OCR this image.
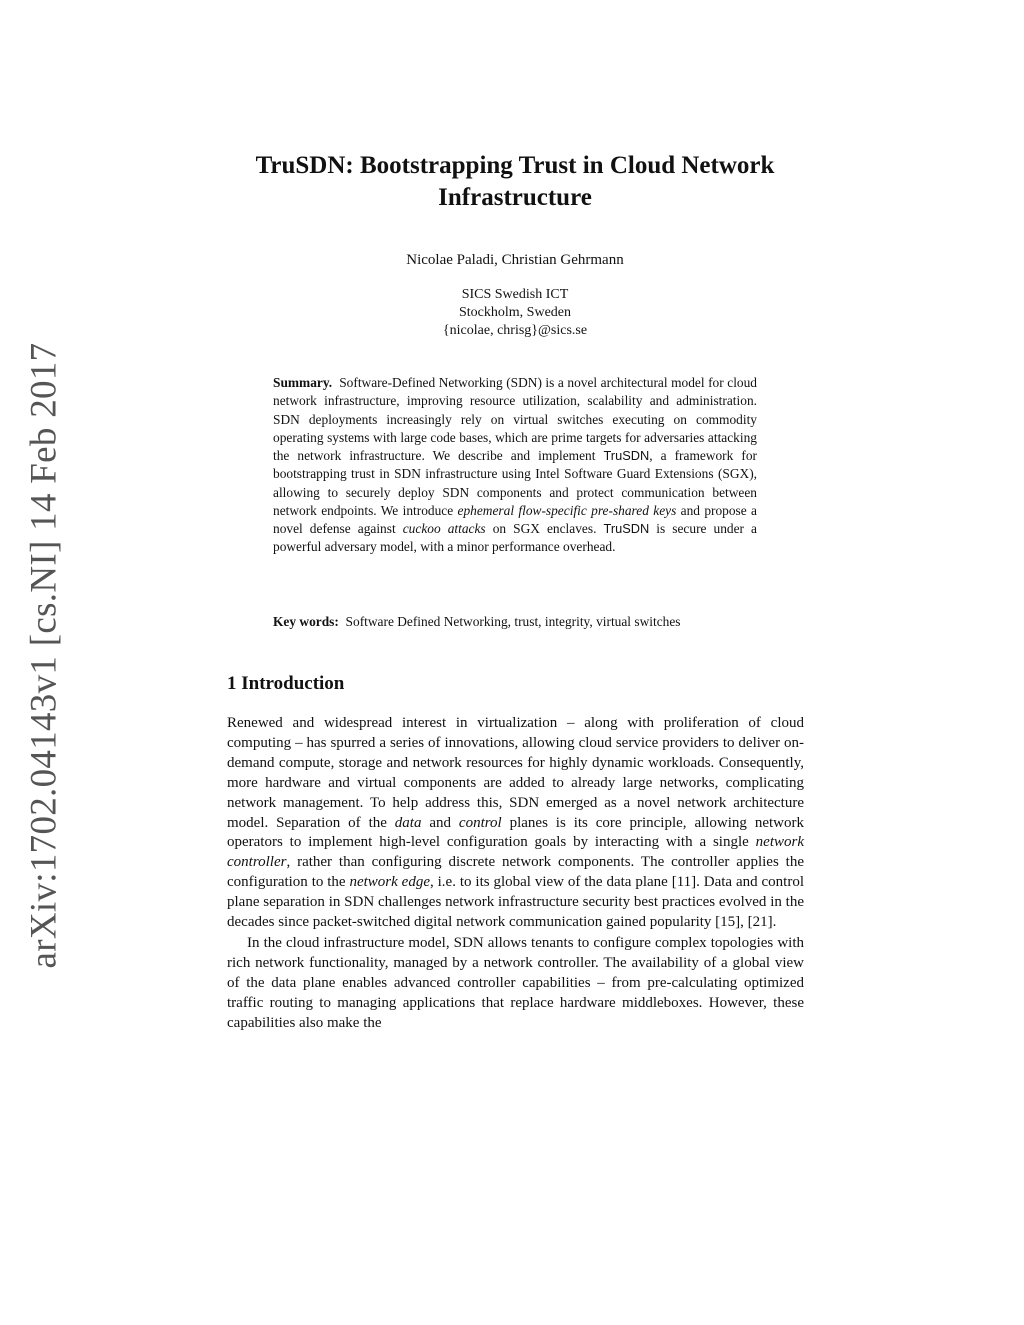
arXiv:1702.04143v1 [cs.NI] 14 Feb 2017
TruSDN: Bootstrapping Trust in Cloud Network
Infrastructure

Nicolae Paladi, Christian Gehrmann

SICS Swedish ICT
Stockholm, Sweden
{nicolae, chrisg}@sics.se

Summary. Software-Defined Networking (SDN) is a novel architectural model for cloud network infrastructure, improving resource utilization, scalability and administration. SDN deployments increasingly rely on virtual switches executing on commodity operating systems with large code bases, which are prime targets for adversaries attacking the network infrastructure. We describe and implement TruSDN, a framework for bootstrapping trust in SDN infrastructure using Intel Software Guard Extensions (SGX), allowing to securely deploy SDN components and protect communication between network endpoints. We introduce ephemeral flow-specific pre-shared keys and propose a novel defense against cuckoo attacks on SGX enclaves. TruSDN is secure under a powerful adversary model, with a minor performance overhead.

Key words: Software Defined Networking, trust, integrity, virtual switches

1 Introduction

Renewed and widespread interest in virtualization – along with proliferation of cloud computing – has spurred a series of innovations, allowing cloud service providers to deliver on-demand compute, storage and network resources for highly dynamic workloads. Consequently, more hardware and virtual components are added to already large networks, complicating network management. To help address this, SDN emerged as a novel network architecture model. Separation of the data and control planes is its core principle, allowing network operators to implement high-level configuration goals by interacting with a single network controller, rather than configuring discrete network components. The controller applies the configuration to the network edge, i.e. to its global view of the data plane [11]. Data and control plane separation in SDN challenges network infrastructure security best practices evolved in the decades since packet-switched digital network communication gained popularity [15], [21].

In the cloud infrastructure model, SDN allows tenants to configure complex topologies with rich network functionality, managed by a network controller. The availability of a global view of the data plane enables advanced controller capabilities – from pre-calculating optimized traffic routing to managing applications that replace hardware middleboxes. However, these capabilities also make the
